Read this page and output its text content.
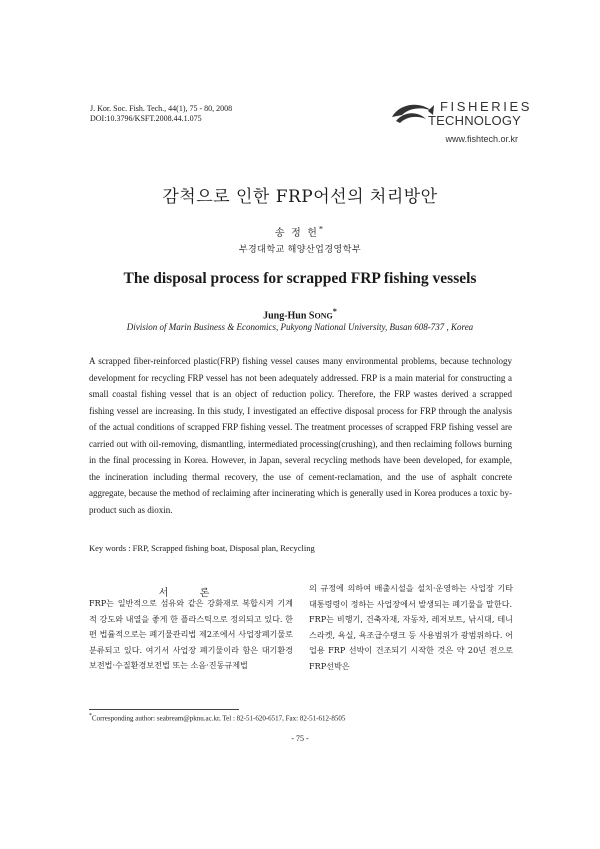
J. Kor. Soc. Fish. Tech., 44(1), 75 - 80, 2008
DOI:10.3796/KSFT.2008.44.1.075
FISHERIES
TECHNOLOGY
www.fishtech.or.kr
감척으로 인한 FRP어선의 처리방안
송 정 헌*
부경대학교 해양산업경영학부
The disposal process for scrapped FRP fishing vessels
Jung-Hun SONG*
Division of Marin Business & Economics, Pukyong National University, Busan 608-737 , Korea
A scrapped fiber-reinforced plastic(FRP) fishing vessel causes many environmental problems, because technology development for recycling FRP vessel has not been adequately addressed. FRP is a main material for constructing a small coastal fishing vessel that is an object of reduction policy. Therefore, the FRP wastes derived a scrapped fishing vessel are increasing. In this study, I investigated an effective disposal process for FRP through the analysis of the actual conditions of scrapped FRP fishing vessel. The treatment processes of scrapped FRP fishing vessel are carried out with oil-removing, dismantling, intermediated processing(crushing), and then reclaiming follows burning in the final processing in Korea. However, in Japan, several recycling methods have been developed, for example, the incineration including thermal recovery, the use of cement-reclamation, and the use of asphalt concrete aggregate, because the method of reclaiming after incinerating which is generally used in Korea produces a toxic by-product such as dioxin.
Key words : FRP, Scrapped fishing boat, Disposal plan, Recycling
서 론
FRP는 일반적으로 섬유와 같은 강화재로 복합시켜 기계적 강도와 내열을 좋게 한 플라스틱으로 정의되고 있다. 한편 법률적으로는 폐기물관리법 제2조에서 사업장폐기물로 분류되고 있다. 여기서 사업장 폐기물이라 함은 대기환경보전법·수질환경보전법 또는 소음·진동규제법
의 규정에 의하여 배출시설을 설치·운영하는 사업장 기타 대통령령이 정하는 사업장에서 발생되는 폐기물을 말한다.
FRP는 비행기, 건축자재, 자동차, 레저보트, 낚시대, 테니스라켓, 욕실, 욕조급수탱크 등 사용범위가 광범위하다. 어업용 FRP 선박이 건조되기 시작한 것은 약 20년 전으로 FRP선박은
*Corresponding author: seabream@pknu.ac.kr, Tel : 82-51-620-6517, Fax: 82-51-612-8505
- 75 -
